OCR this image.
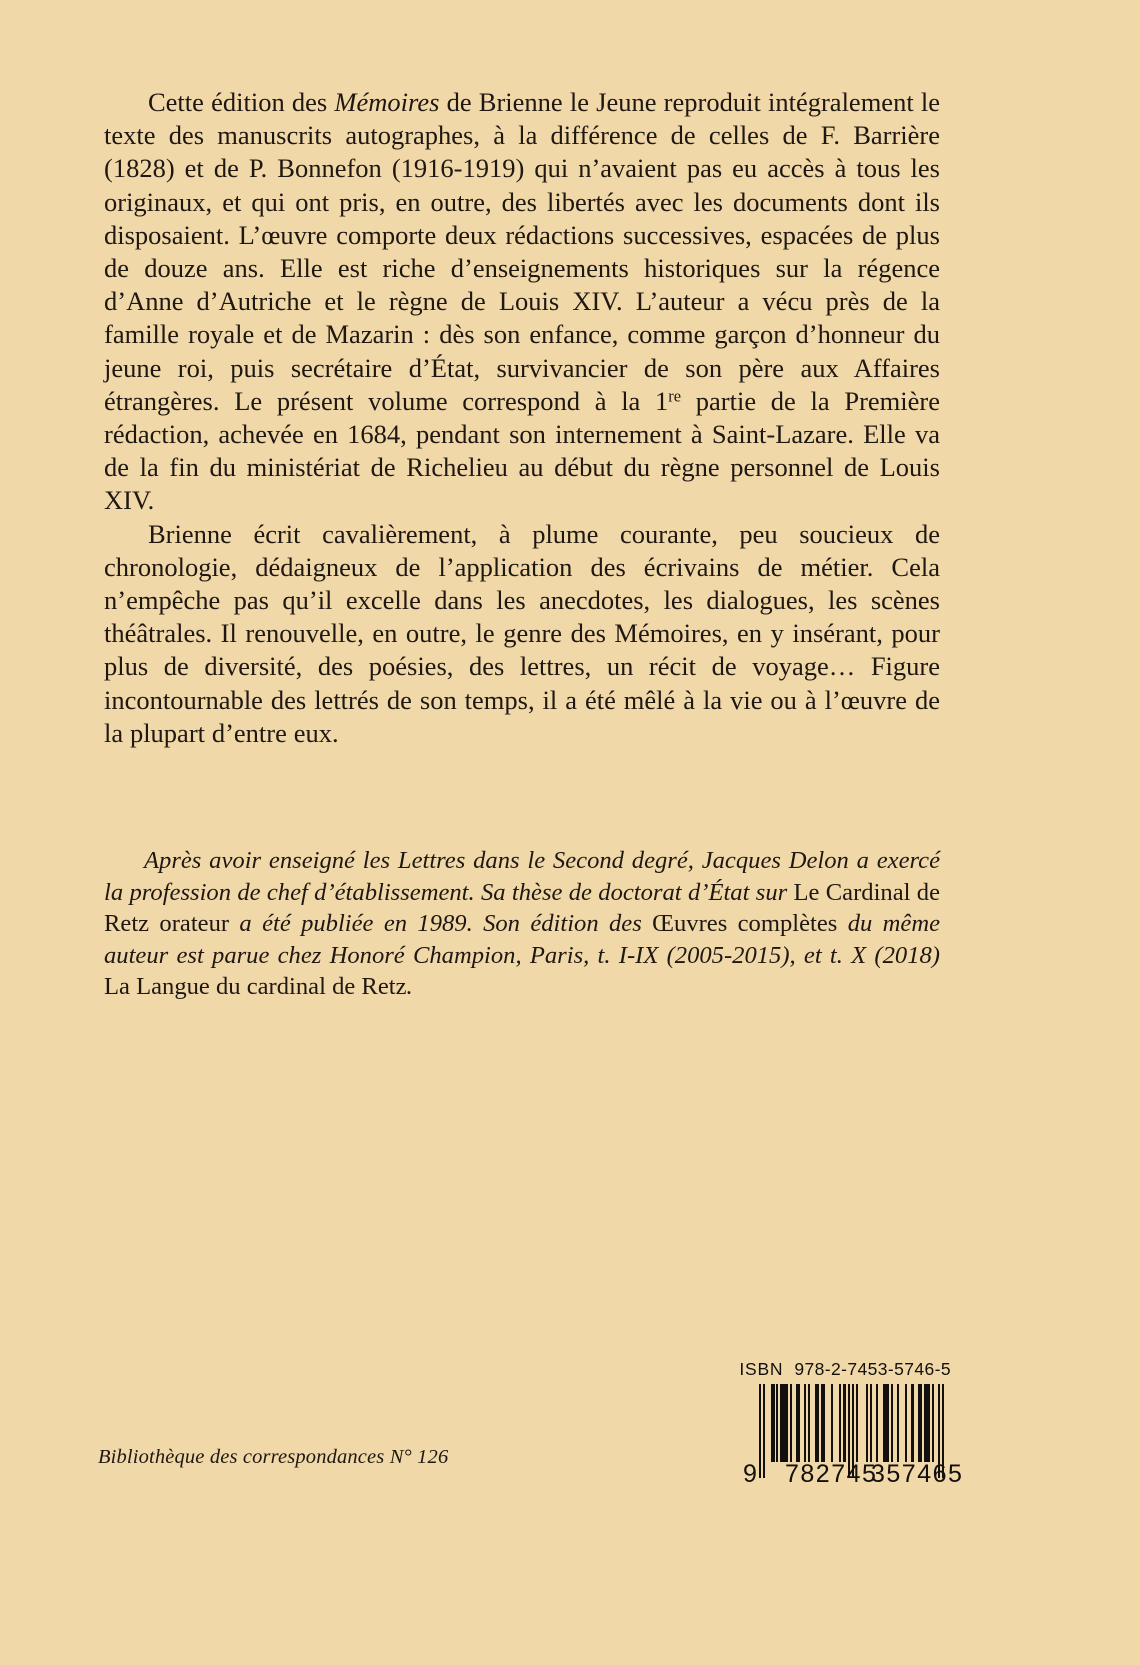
Cette édition des Mémoires de Brienne le Jeune reproduit intégralement le texte des manuscrits autographes, à la différence de celles de F. Barrière (1828) et de P. Bonnefon (1916-1919) qui n’avaient pas eu accès à tous les originaux, et qui ont pris, en outre, des libertés avec les documents dont ils disposaient. L’œuvre comporte deux rédactions successives, espacées de plus de douze ans. Elle est riche d’enseignements historiques sur la régence d’Anne d’Autriche et le règne de Louis XIV. L’auteur a vécu près de la famille royale et de Mazarin : dès son enfance, comme garçon d’honneur du jeune roi, puis secrétaire d’État, survivancier de son père aux Affaires étrangères. Le présent volume correspond à la 1re partie de la Première rédaction, achevée en 1684, pendant son internement à Saint-Lazare. Elle va de la fin du ministériat de Richelieu au début du règne personnel de Louis XIV.

Brienne écrit cavalièrement, à plume courante, peu soucieux de chronologie, dédaigneux de l’application des écrivains de métier. Cela n’empêche pas qu’il excelle dans les anecdotes, les dialogues, les scènes théâtrales. Il renouvelle, en outre, le genre des Mémoires, en y insérant, pour plus de diversité, des poésies, des lettres, un récit de voyage… Figure incontournable des lettrés de son temps, il a été mêlé à la vie ou à l’œuvre de la plupart d’entre eux.

Après avoir enseigné les Lettres dans le Second degré, Jacques Delon a exercé la profession de chef d’établissement. Sa thèse de doctorat d’État sur Le Cardinal de Retz orateur a été publiée en 1989. Son édition des Œuvres complètes du même auteur est parue chez Honoré Champion, Paris, t. I-IX (2005-2015), et t. X (2018) La Langue du cardinal de Retz.

Bibliothèque des correspondances N° 126
ISBN 978-2-7453-5746-5
9 782745
357465
